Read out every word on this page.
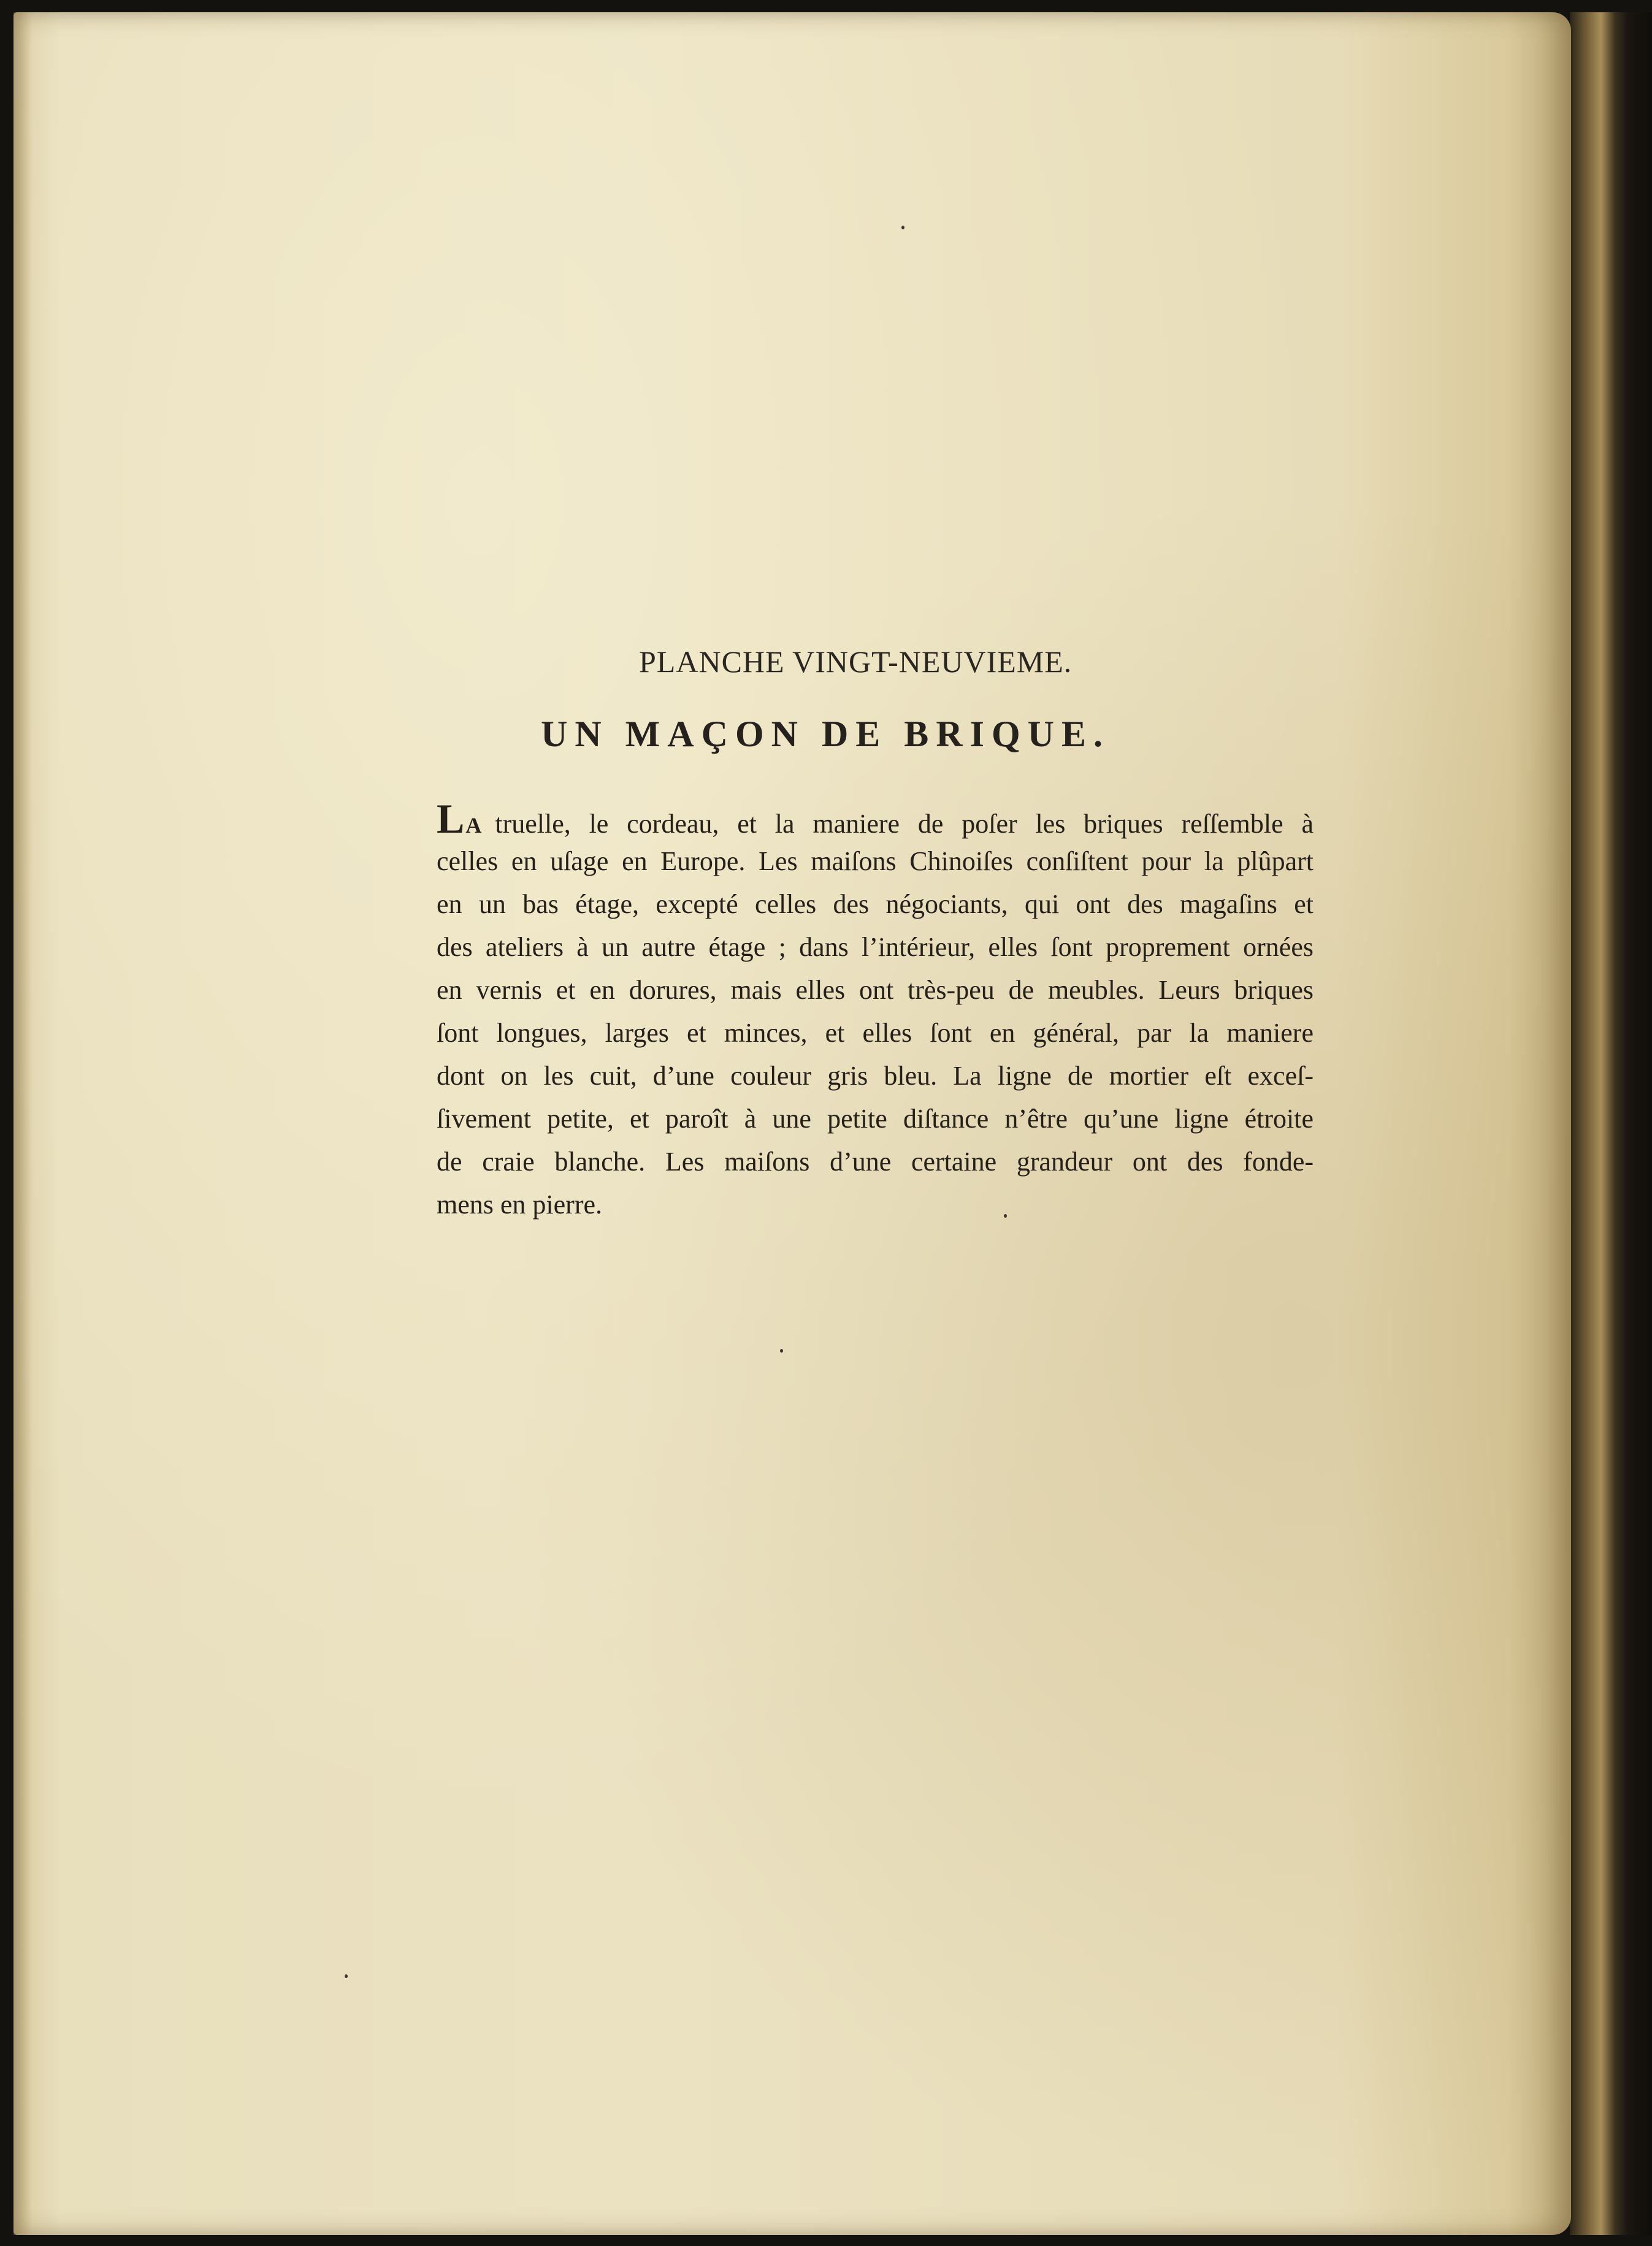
PLANCHE VINGT-NEUVIEME.
UN MAÇON DE BRIQUE.
LA truelle, le cordeau, et la maniere de poſer les briques reſſemble à
celles en uſage en Europe. Les maiſons Chinoiſes conſiſtent pour la plûpart
en un bas étage, excepté celles des négociants, qui ont des magaſins et
des ateliers à un autre étage ; dans l’intérieur, elles ſont proprement ornées
en vernis et en dorures, mais elles ont très-peu de meubles. Leurs briques
ſont longues, larges et minces, et elles ſont en général, par la maniere
dont on les cuit, d’une couleur gris bleu. La ligne de mortier eſt exceſ-
ſivement petite, et paroît à une petite diſtance n’être qu’une ligne étroite
de craie blanche. Les maiſons d’une certaine grandeur ont des fonde-
mens en pierre.
